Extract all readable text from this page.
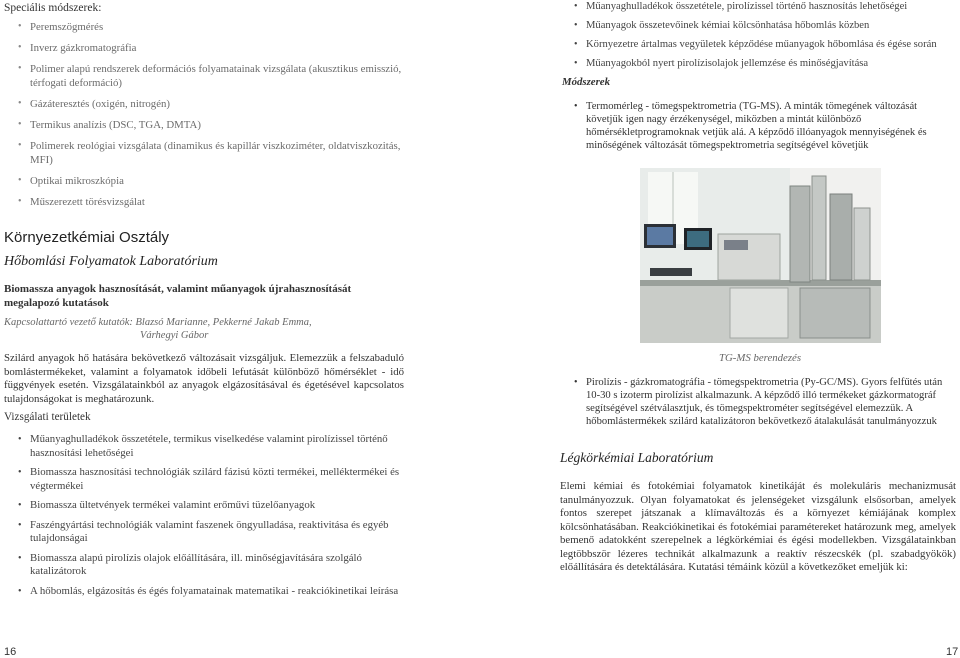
Speciális módszerek:
• Peremszögmérés
• Inverz gázkromatográfia
• Polimer alapú rendszerek deformációs folyamatainak vizsgálata (akusztikus emisszió, térfogati deformáció)
• Gázáteresztés (oxigén, nitrogén)
• Termikus analízis (DSC, TGA, DMTA)
• Polimerek reológiai vizsgálata (dinamikus és kapillár viszkoziméter, oldatviszkozitás, MFI)
• Optikai mikroszkópia
• Műszerezett törésvizsgálat
Környezetkémiai Osztály
Hőbomlási Folyamatok Laboratórium
Biomassza anyagok hasznosítását, valamint műanyagok újrahasznosítását megalapozó kutatások
Kapcsolattartó vezető kutatók: Blazsó Marianne, Pekkerné Jakab Emma,
Várhegyi Gábor
Szilárd anyagok hő hatására bekövetkező változásait vizsgáljuk. Elemezzük a felszabaduló bomlástermékeket, valamint a folyamatok időbeli lefutását különböző hőmérséklet - idő függvények esetén. Vizsgálatainkból az anyagok elgázosításával és égetésével kapcsolatos tulajdonságokat is meghatározunk.
Vizsgálati területek
• Műanyaghulladékok összetétele, termikus viselkedése valamint pirolízissel történő hasznosítási lehetőségei
• Biomassza hasznosítási technológiák szilárd fázisú közti termékei, melléktermékei és végtermékei
• Biomassza ültetvények termékei valamint erőművi tüzelőanyagok
• Faszéngyártási technológiák valamint faszenek öngyulladása, reaktivitása és egyéb tulajdonságai
• Biomassza alapú pirolízis olajok előállítására, ill. minőségjavítására szolgáló katalizátorok
• A hőbomlás, elgázosítás és égés folyamatainak matematikai - reakciókinetikai leírása
• Műanyaghulladékok összetétele, pirolízissel történő hasznosítás lehetőségei
• Műanyagok összetevőinek kémiai kölcsönhatása hőbomlás közben
• Környezetre ártalmas vegyületek képződése műanyagok hőbomlása és égése során
• Műanyagokból nyert pirolízisolajok jellemzése és minőségjavítása
Módszerek
• Termomérleg - tömegspektrometria (TG-MS). A minták tömegének változását követjük igen nagy érzékenységel, miközben a mintát különböző hőmérsékletprogramoknak vetjük alá. A képződő illóanyagok mennyiségének és minőségének változását tömegspektrometria segítségével követjük
TG-MS berendezés
• Pirolízis - gázkromatográfia - tömegspektrometria (Py-GC/MS). Gyors felfűtés után 10-30 s izoterm pirolízist alkalmazunk. A képződő illó termékeket gázkormatográf segítségével szétválasztjuk, és tömegspektrométer segítségével elemezzük. A hőbomlástermékek szilárd katalizátoron bekövetkező átalakulását tanulmányozzuk
Légkörkémiai Laboratórium
Elemi kémiai és fotokémiai folyamatok kinetikáját és molekuláris mechanizmusát tanulmányozzuk. Olyan folyamatokat és jelenségeket vizsgálunk elsősorban, amelyek fontos szerepet játszanak a klímaváltozás és a környezet kémiájának komplex kölcsönhatásában. Reakciókinetikai és fotokémiai paramétereket határozunk meg, amelyek bemenő adatokként szerepelnek a légkörkémiai és égési modellekben. Vizsgálatainkban legtöbbször lézeres technikát alkalmazunk a reaktív részecskék (pl. szabadgyökök) előállítására és detektálására. Kutatási témáink közül a következőket emeljük ki:
16	17
